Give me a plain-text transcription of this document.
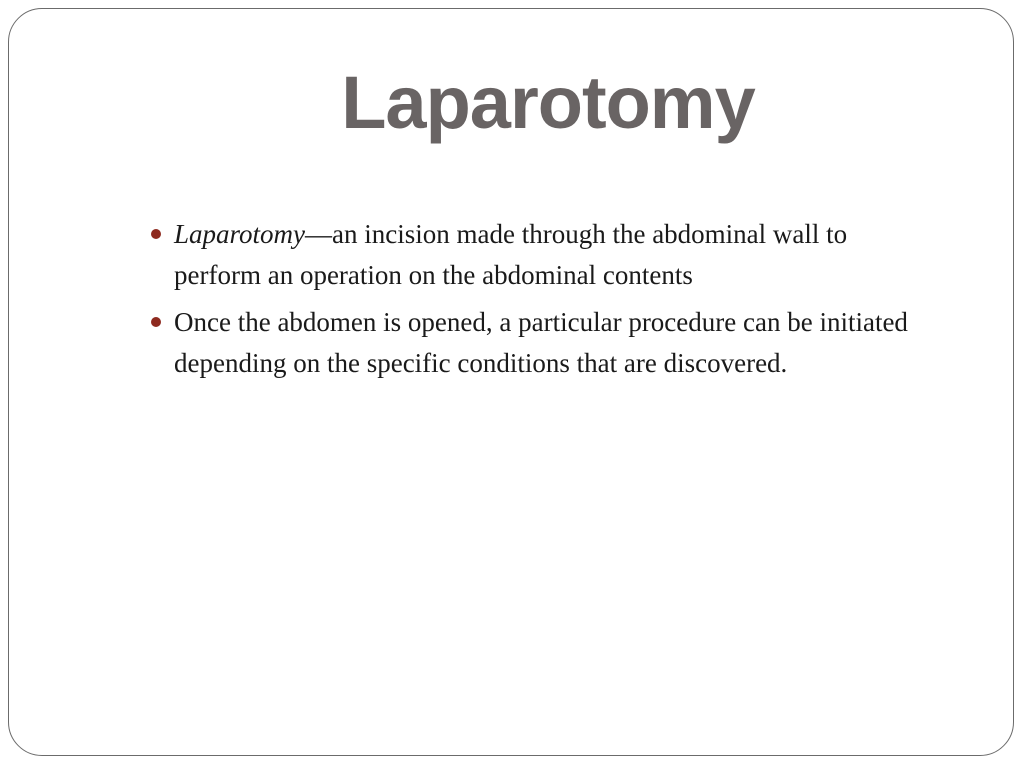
Laparotomy
Laparotomy—an incision made through the abdominal wall to perform an operation on the abdominal contents
Once the abdomen is opened, a particular procedure can be initiated depending on the specific conditions that are discovered.
